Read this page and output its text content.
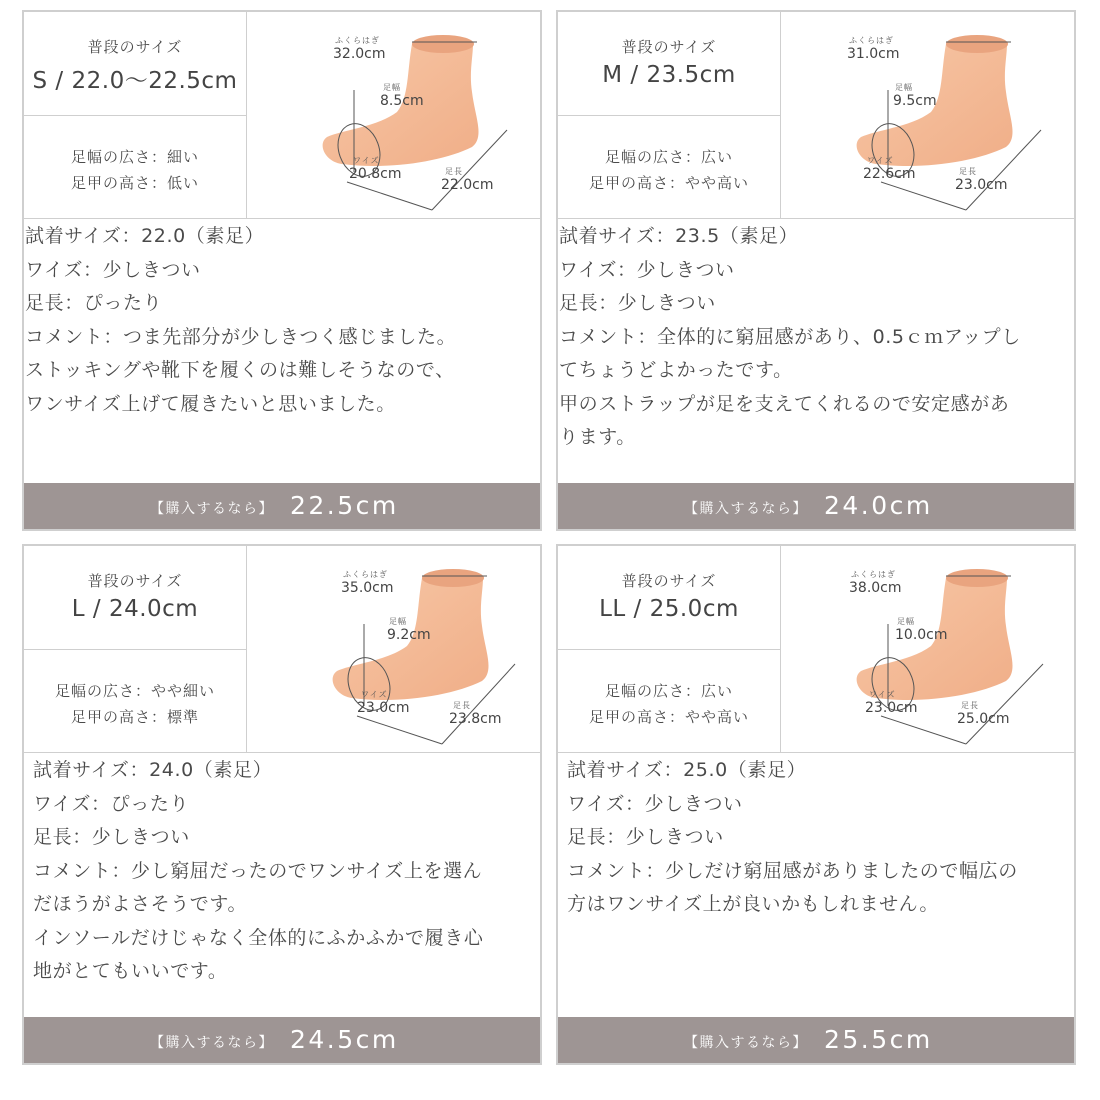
普段のサイズ
S / 22.0〜22.5cm
足幅の広さ：細い
足甲の高さ：低い
ふくらはぎ
32.0cm
足幅
8.5cm
ワイズ
20.8cm	足長
22.0cm
試着サイズ：22.0（素足）
ワイズ：少しきつい
足長：ぴったり
コメント：つま先部分が少しきつく感じました。
ストッキングや靴下を履くのは難しそうなので、
ワンサイズ上げて履きたいと思いました。
【購入するなら】 22.5cm
普段のサイズ
M / 23.5cm
足幅の広さ：広い
足甲の高さ：やや高い
ふくらはぎ
31.0cm
足幅
9.5cm
ワイズ
22.6cm	足長
23.0cm
試着サイズ：23.5（素足）
ワイズ：少しきつい
足長：少しきつい
コメント：全体的に窮屈感があり、0.5ｃｍアップし
てちょうどよかったです。
甲のストラップが足を支えてくれるので安定感があ
ります。
【購入するなら】 24.0cm
普段のサイズ
L / 24.0cm
足幅の広さ：やや細い
足甲の高さ：標準
ふくらはぎ
35.0cm
足幅
9.2cm
ワイズ
23.0cm	足長
23.8cm
試着サイズ：24.0（素足）
ワイズ：ぴったり
足長：少しきつい
コメント：少し窮屈だったのでワンサイズ上を選ん
だほうがよさそうです。
インソールだけじゃなく全体的にふかふかで履き心
地がとてもいいです。
【購入するなら】 24.5cm
普段のサイズ
LL / 25.0cm
足幅の広さ：広い
足甲の高さ：やや高い
ふくらはぎ
38.0cm
足幅
10.0cm
ワイズ
23.0cm	足長
25.0cm
試着サイズ：25.0（素足）
ワイズ：少しきつい
足長：少しきつい
コメント：少しだけ窮屈感がありましたので幅広の
方はワンサイズ上が良いかもしれません。
【購入するなら】 25.5cm
